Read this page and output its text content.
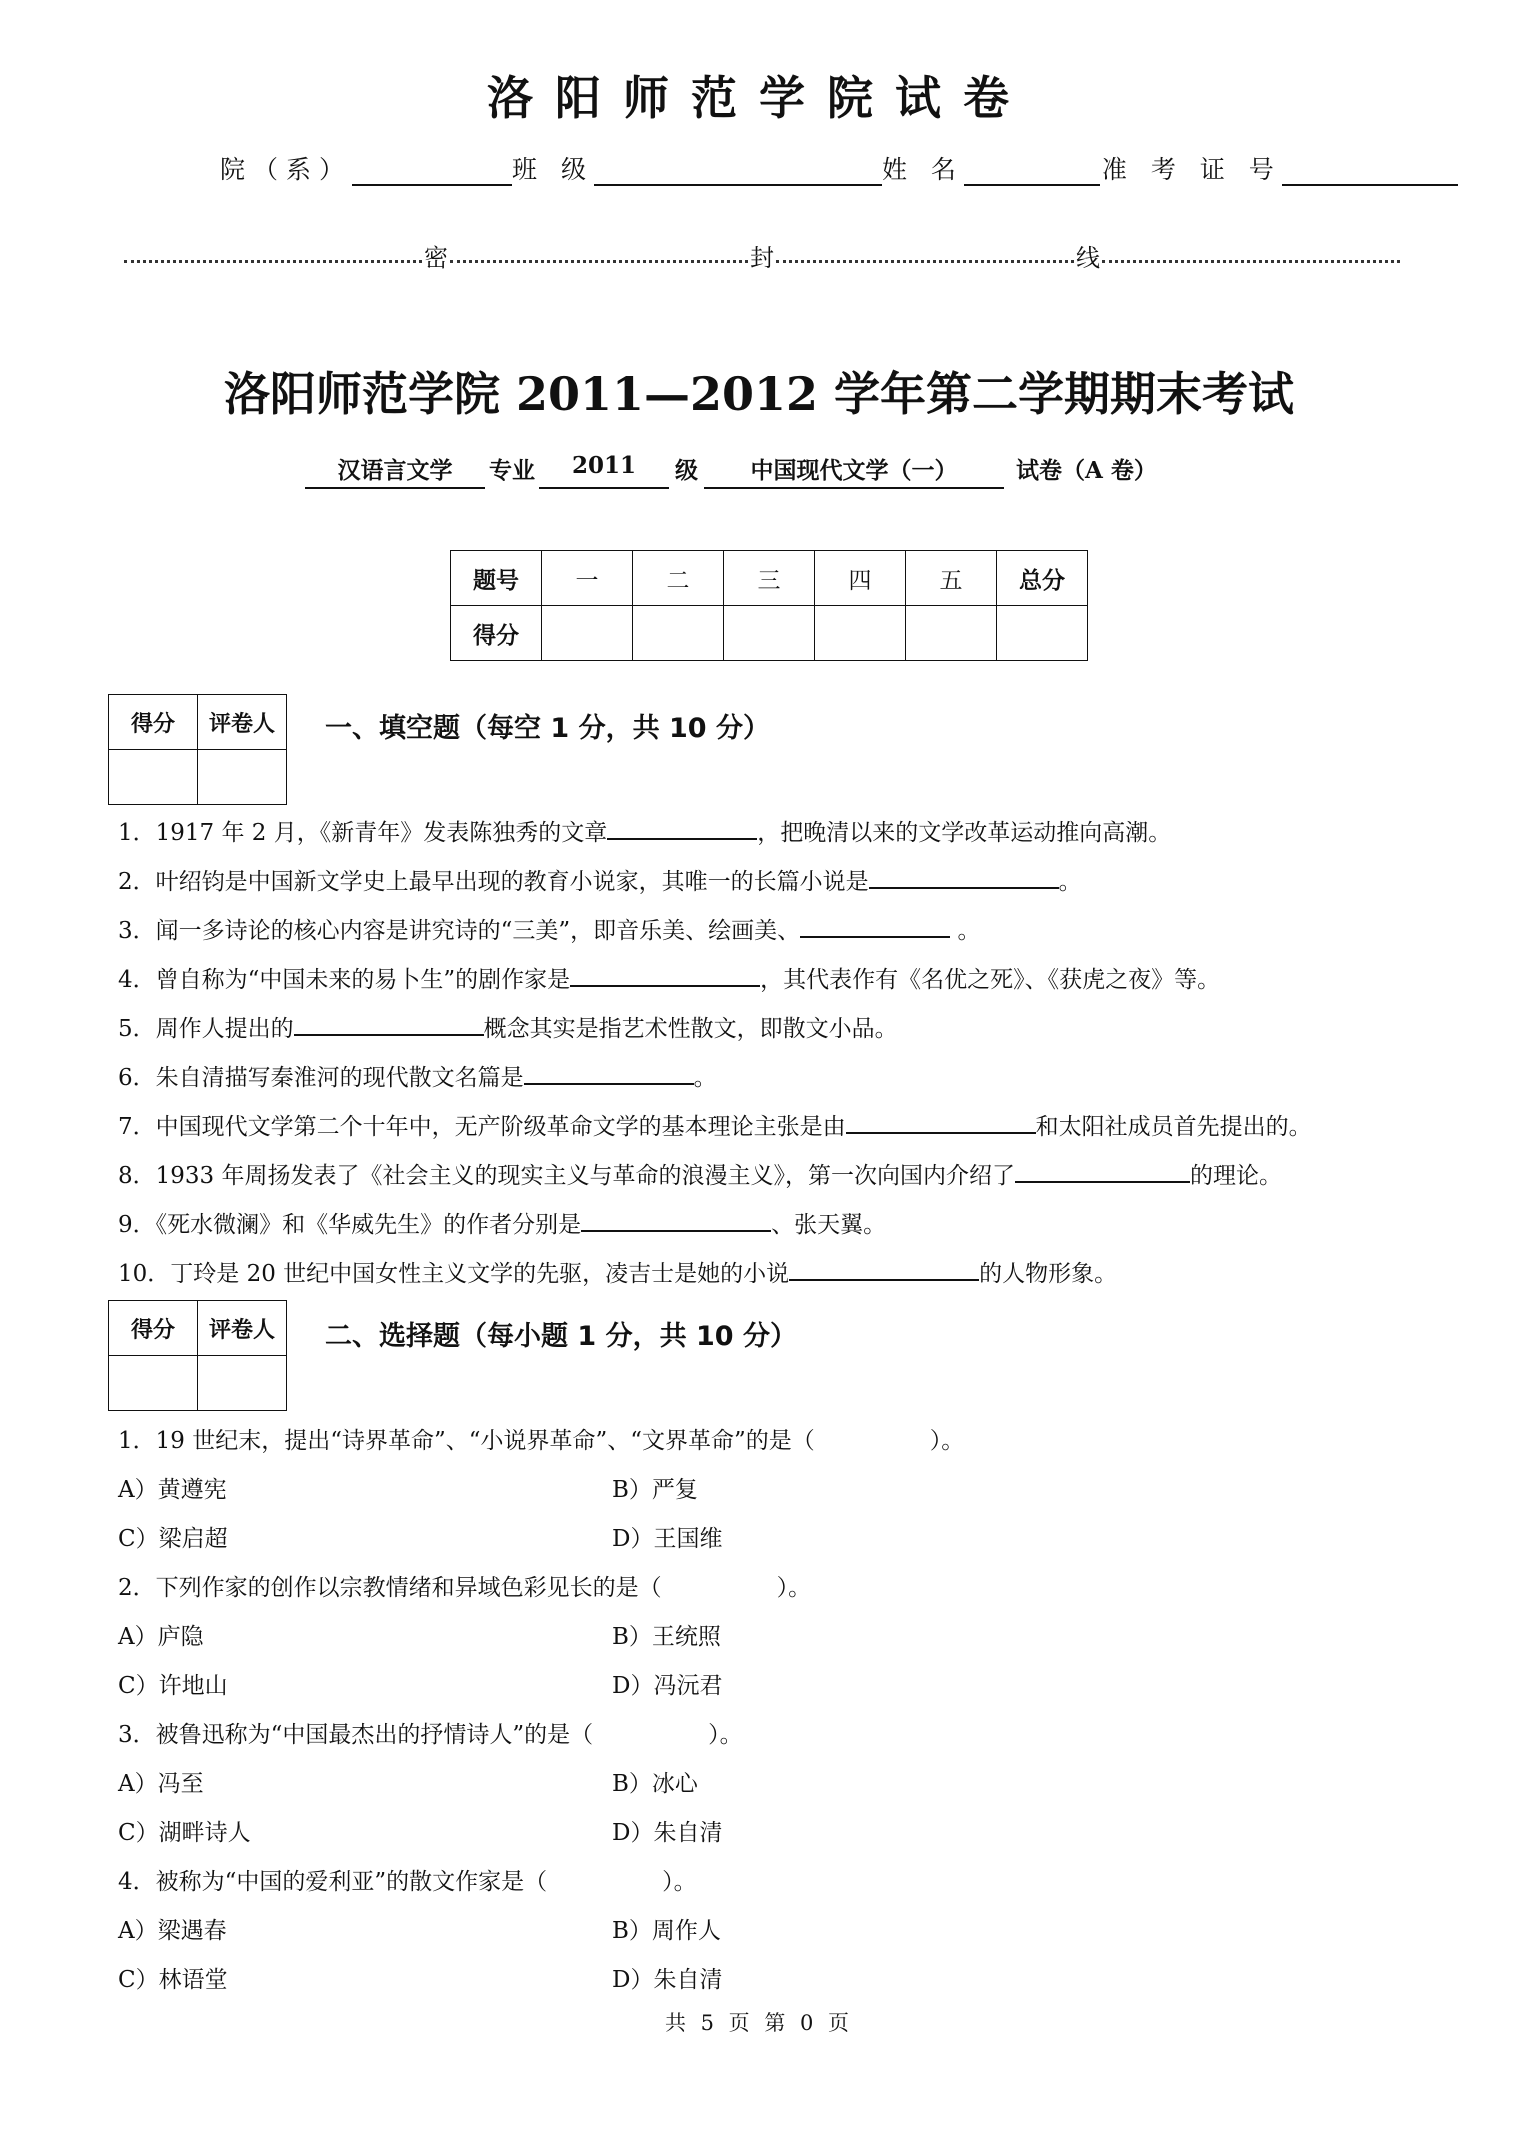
洛阳师范学院试卷
院（系）	班 级	姓 名	准 考 证 号
密	封	线
洛阳师范学院 2011—2012 学年第二学期期末考试
汉语言文学	专业	2011	级	中国现代文学（一）	试卷（A 卷）
题号	一	二	三	四	五	总分
得分						
得分	评卷人
	一、填空题（每空 1 分，共 10 分）
1．1917 年 2 月，《新青年》发表陈独秀的文章	，把晚清以来的文学改革运动推向高潮。
2．叶绍钧是中国新文学史上最早出现的教育小说家，其唯一的长篇小说是	。
3．闻一多诗论的核心内容是讲究诗的“三美”，即音乐美、绘画美、	。
4．曾自称为“中国未来的易卜生”的剧作家是	，其代表作有《名优之死》、《获虎之夜》等。
5．周作人提出的	概念其实是指艺术性散文，即散文小品。
6．朱自清描写秦淮河的现代散文名篇是	。
7．中国现代文学第二个十年中，无产阶级革命文学的基本理论主张是由	和太阳社成员首先提出的。
8．1933 年周扬发表了《社会主义的现实主义与革命的浪漫主义》，第一次向国内介绍了	的理论。
9．《死水微澜》和《华威先生》的作者分别是	、张天翼。
10．丁玲是 20 世纪中国女性主义文学的先驱，凌吉士是她的小说	的人物形象。
得分	评卷人
	二、选择题（每小题 1 分，共 10 分）
1．19 世纪末，提出“诗界革命”、“小说界革命”、“文界革命”的是（　　　　　）。
A）黄遵宪	B）严复
C）梁启超	D）王国维
2．下列作家的创作以宗教情绪和异域色彩见长的是（　　　　　）。
A）庐隐	B）王统照
C）许地山	D）冯沅君
3．被鲁迅称为“中国最杰出的抒情诗人”的是（　　　　　）。
A）冯至	B）冰心
C）湖畔诗人	D）朱自清
4．被称为“中国的爱利亚”的散文作家是（　　　　　）。
A）梁遇春	B）周作人
C）林语堂	D）朱自清
共 5 页 第 0 页
